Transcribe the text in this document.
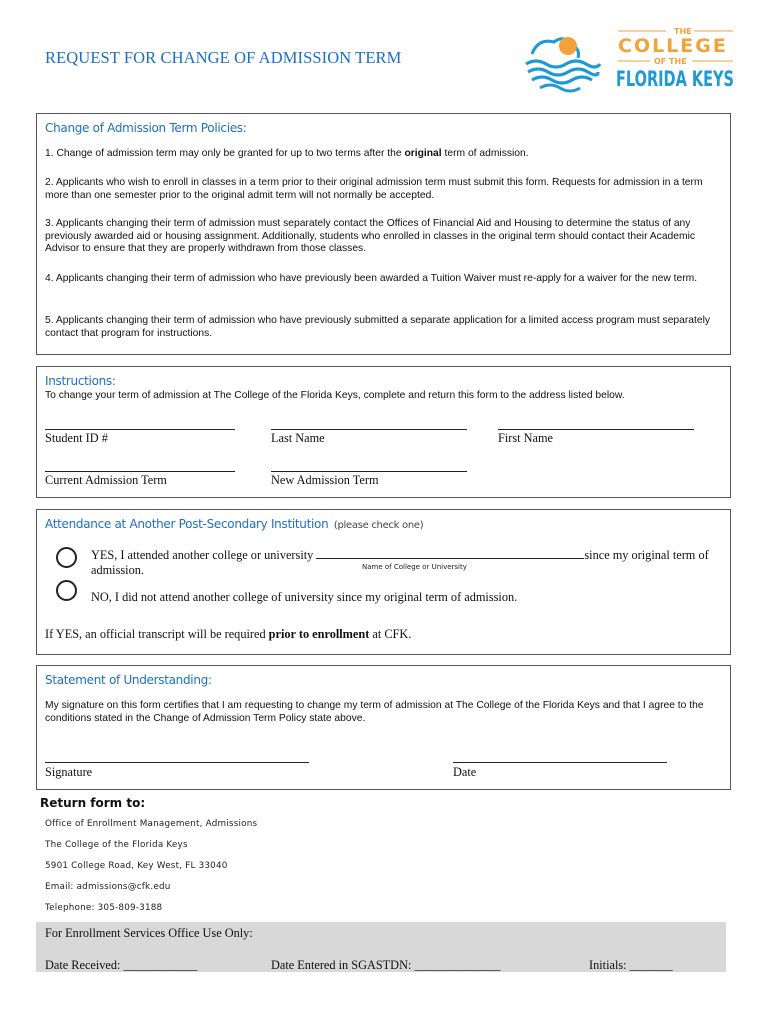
REQUEST FOR CHANGE OF ADMISSION TERM
THE
COLLEGE
OF THE
FLORIDA KEYS
Change of Admission Term Policies:
1. Change of admission term may only be granted for up to two terms after the original term of admission.
2. Applicants who wish to enroll in classes in a term prior to their original admission term must submit this form. Requests for admission in a term more than one semester prior to the original admit term will not normally be accepted.
3. Applicants changing their term of admission must separately contact the Offices of Financial Aid and Housing to determine the status of any previously awarded aid or housing assignment. Additionally, students who enrolled in classes in the original term should contact their Academic Advisor to ensure that they are properly withdrawn from those classes.
4. Applicants changing their term of admission who have previously been awarded a Tuition Waiver must re-apply for a waiver for the new term.
5. Applicants changing their term of admission who have previously submitted a separate application for a limited access program must separately contact that program for instructions.
Instructions:
To change your term of admission at The College of the Florida Keys, complete and return this form to the address listed below.
Student ID #	Last Name	First Name
Current Admission Term	New Admission Term
Attendance at Another Post-Secondary Institution (please check one)
YES, I attended another college or university	since my original term of
admission.	Name of College or University
NO, I did not attend another college of university since my original term of admission.
If YES, an official transcript will be required prior to enrollment at CFK.
Statement of Understanding:
My signature on this form certifies that I am requesting to change my term of admission at The College of the Florida Keys and that I agree to the conditions stated in the Change of Admission Term Policy state above.
Signature	Date
Return form to:
Office of Enrollment Management, Admissions
The College of the Florida Keys
5901 College Road, Key West, FL 33040
Email: admissions@cfk.edu
Telephone: 305-809-3188
For Enrollment Services Office Use Only:
Date Received: ____________	Date Entered in SGASTDN: ______________	Initials: _______
